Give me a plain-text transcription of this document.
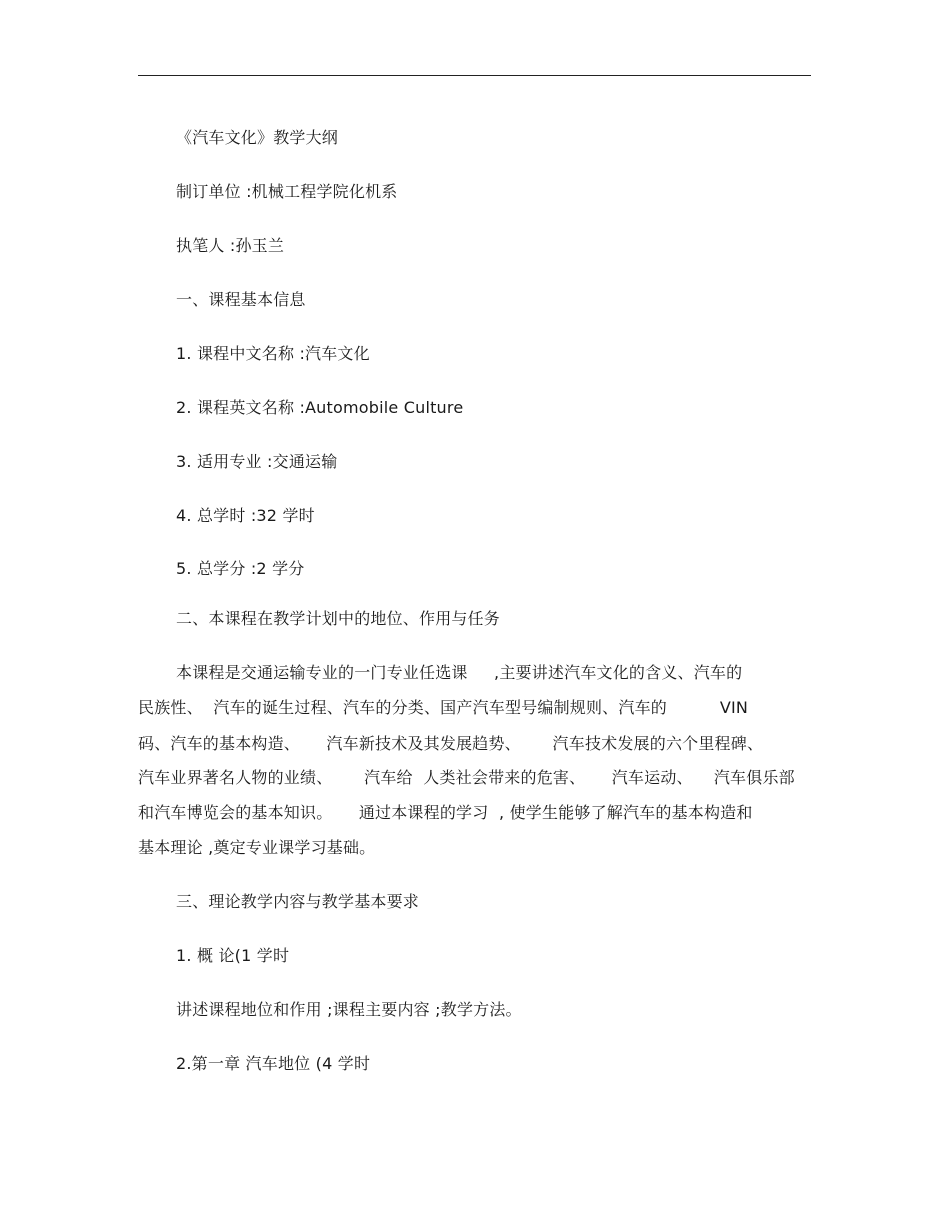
《汽车文化》教学大纲
制订单位 :机械工程学院化机系
执笔人 :孙玉兰
一、课程基本信息
1. 课程中文名称 :汽车文化
2. 课程英文名称 :Automobile Culture
3. 适用专业 :交通运输
4. 总学时 :32 学时
5. 总学分 :2 学分
二、本课程在教学计划中的地位、作用与任务
本课程是交通运输专业的一门专业任选课     ,主要讲述汽车文化的含义、汽车的
民族性、  汽车的诞生过程、汽车的分类、国产汽车型号编制规则、汽车的          VIN
码、汽车的基本构造、     汽车新技术及其发展趋势、      汽车技术发展的六个里程碑、
汽车业界著名人物的业绩、      汽车给  人类社会带来的危害、     汽车运动、    汽车俱乐部
和汽车博览会的基本知识。     通过本课程的学习  , 使学生能够了解汽车的基本构造和
基本理论 ,奠定专业课学习基础。
三、理论教学内容与教学基本要求
1. 概 论(1 学时
讲述课程地位和作用 ;课程主要内容 ;教学方法。
2.第一章 汽车地位 (4 学时
